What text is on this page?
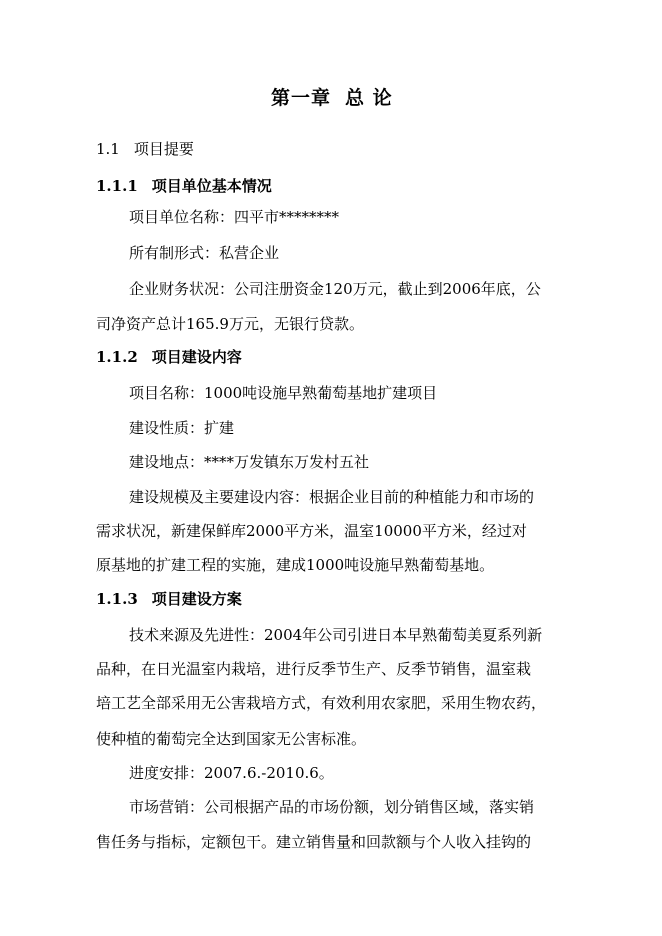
第一章 总 论
1.1 项目提要
1.1.1 项目单位基本情况
项目单位名称：四平市********
所有制形式：私营企业
企业财务状况：公司注册资金120万元，截止到2006年底，公
司净资产总计165.9万元，无银行贷款。
1.1.2 项目建设内容
项目名称：1000吨设施早熟葡萄基地扩建项目
建设性质：扩建
建设地点：****万发镇东万发村五社
建设规模及主要建设内容：根据企业目前的种植能力和市场的
需求状况，新建保鲜库2000平方米，温室10000平方米，经过对
原基地的扩建工程的实施，建成1000吨设施早熟葡萄基地。
1.1.3 项目建设方案
技术来源及先进性：2004年公司引进日本早熟葡萄美夏系列新
品种，在日光温室内栽培，进行反季节生产、反季节销售，温室栽
培工艺全部采用无公害栽培方式，有效利用农家肥，采用生物农药，
使种植的葡萄完全达到国家无公害标准。
进度安排：2007.6.-2010.6。
市场营销：公司根据产品的市场份额，划分销售区域，落实销
售任务与指标，定额包干。建立销售量和回款额与个人收入挂钩的
